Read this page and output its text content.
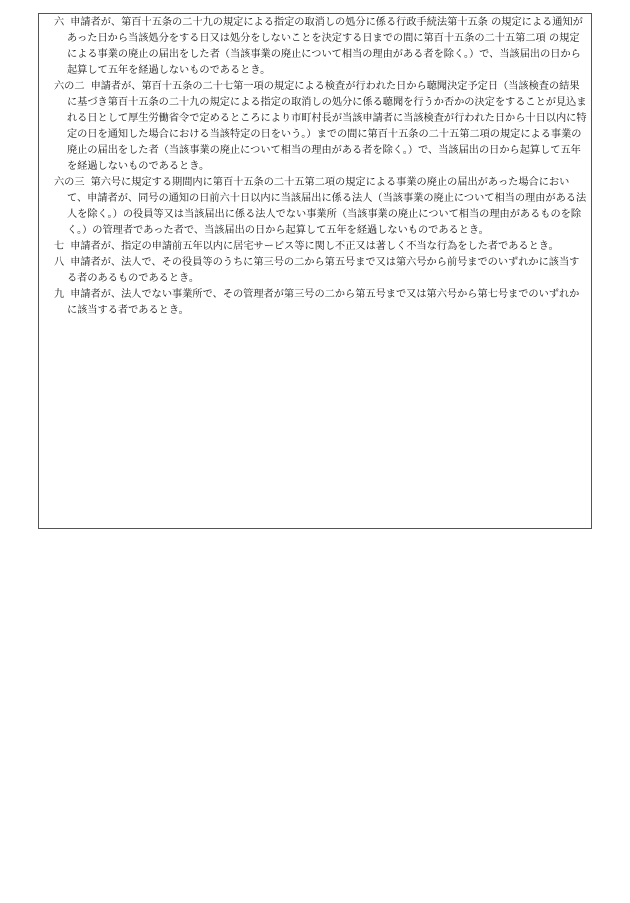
六 申請者が、第百十五条の二十九の規定による指定の取消しの処分に係る行政手続法第十五条 の規定による通知があった日から当該処分をする日又は処分をしないことを決定する日までの間に第百十五条の二十五第二項 の規定による事業の廃止の届出をした者（当該事業の廃止について相当の理由がある者を除く。）で、当該届出の日から起算して五年を経過しないものであるとき。

六の二 申請者が、第百十五条の二十七第一項の規定による検査が行われた日から聴聞決定予定日（当該検査の結果に基づき第百十五条の二十九の規定による指定の取消しの処分に係る聴聞を行うか否かの決定をすることが見込まれる日として厚生労働省令で定めるところにより市町村長が当該申請者に当該検査が行われた日から十日以内に特定の日を通知した場合における当該特定の日をいう。）までの間に第百十五条の二十五第二項の規定による事業の廃止の届出をした者（当該事業の廃止について相当の理由がある者を除く。）で、当該届出の日から起算して五年を経過しないものであるとき。

六の三 第六号に規定する期間内に第百十五条の二十五第二項の規定による事業の廃止の届出があった場合において、申請者が、同号の通知の日前六十日以内に当該届出に係る法人（当該事業の廃止について相当の理由がある法人を除く。）の役員等又は当該届出に係る法人でない事業所（当該事業の廃止について相当の理由があるものを除く。）の管理者であった者で、当該届出の日から起算して五年を経過しないものであるとき。

七 申請者が、指定の申請前五年以内に居宅サービス等に関し不正又は著しく不当な行為をした者であるとき。

八 申請者が、法人で、その役員等のうちに第三号の二から第五号まで又は第六号から前号までのいずれかに該当する者のあるものであるとき。

九 申請者が、法人でない事業所で、その管理者が第三号の二から第五号まで又は第六号から第七号までのいずれかに該当する者であるとき。
